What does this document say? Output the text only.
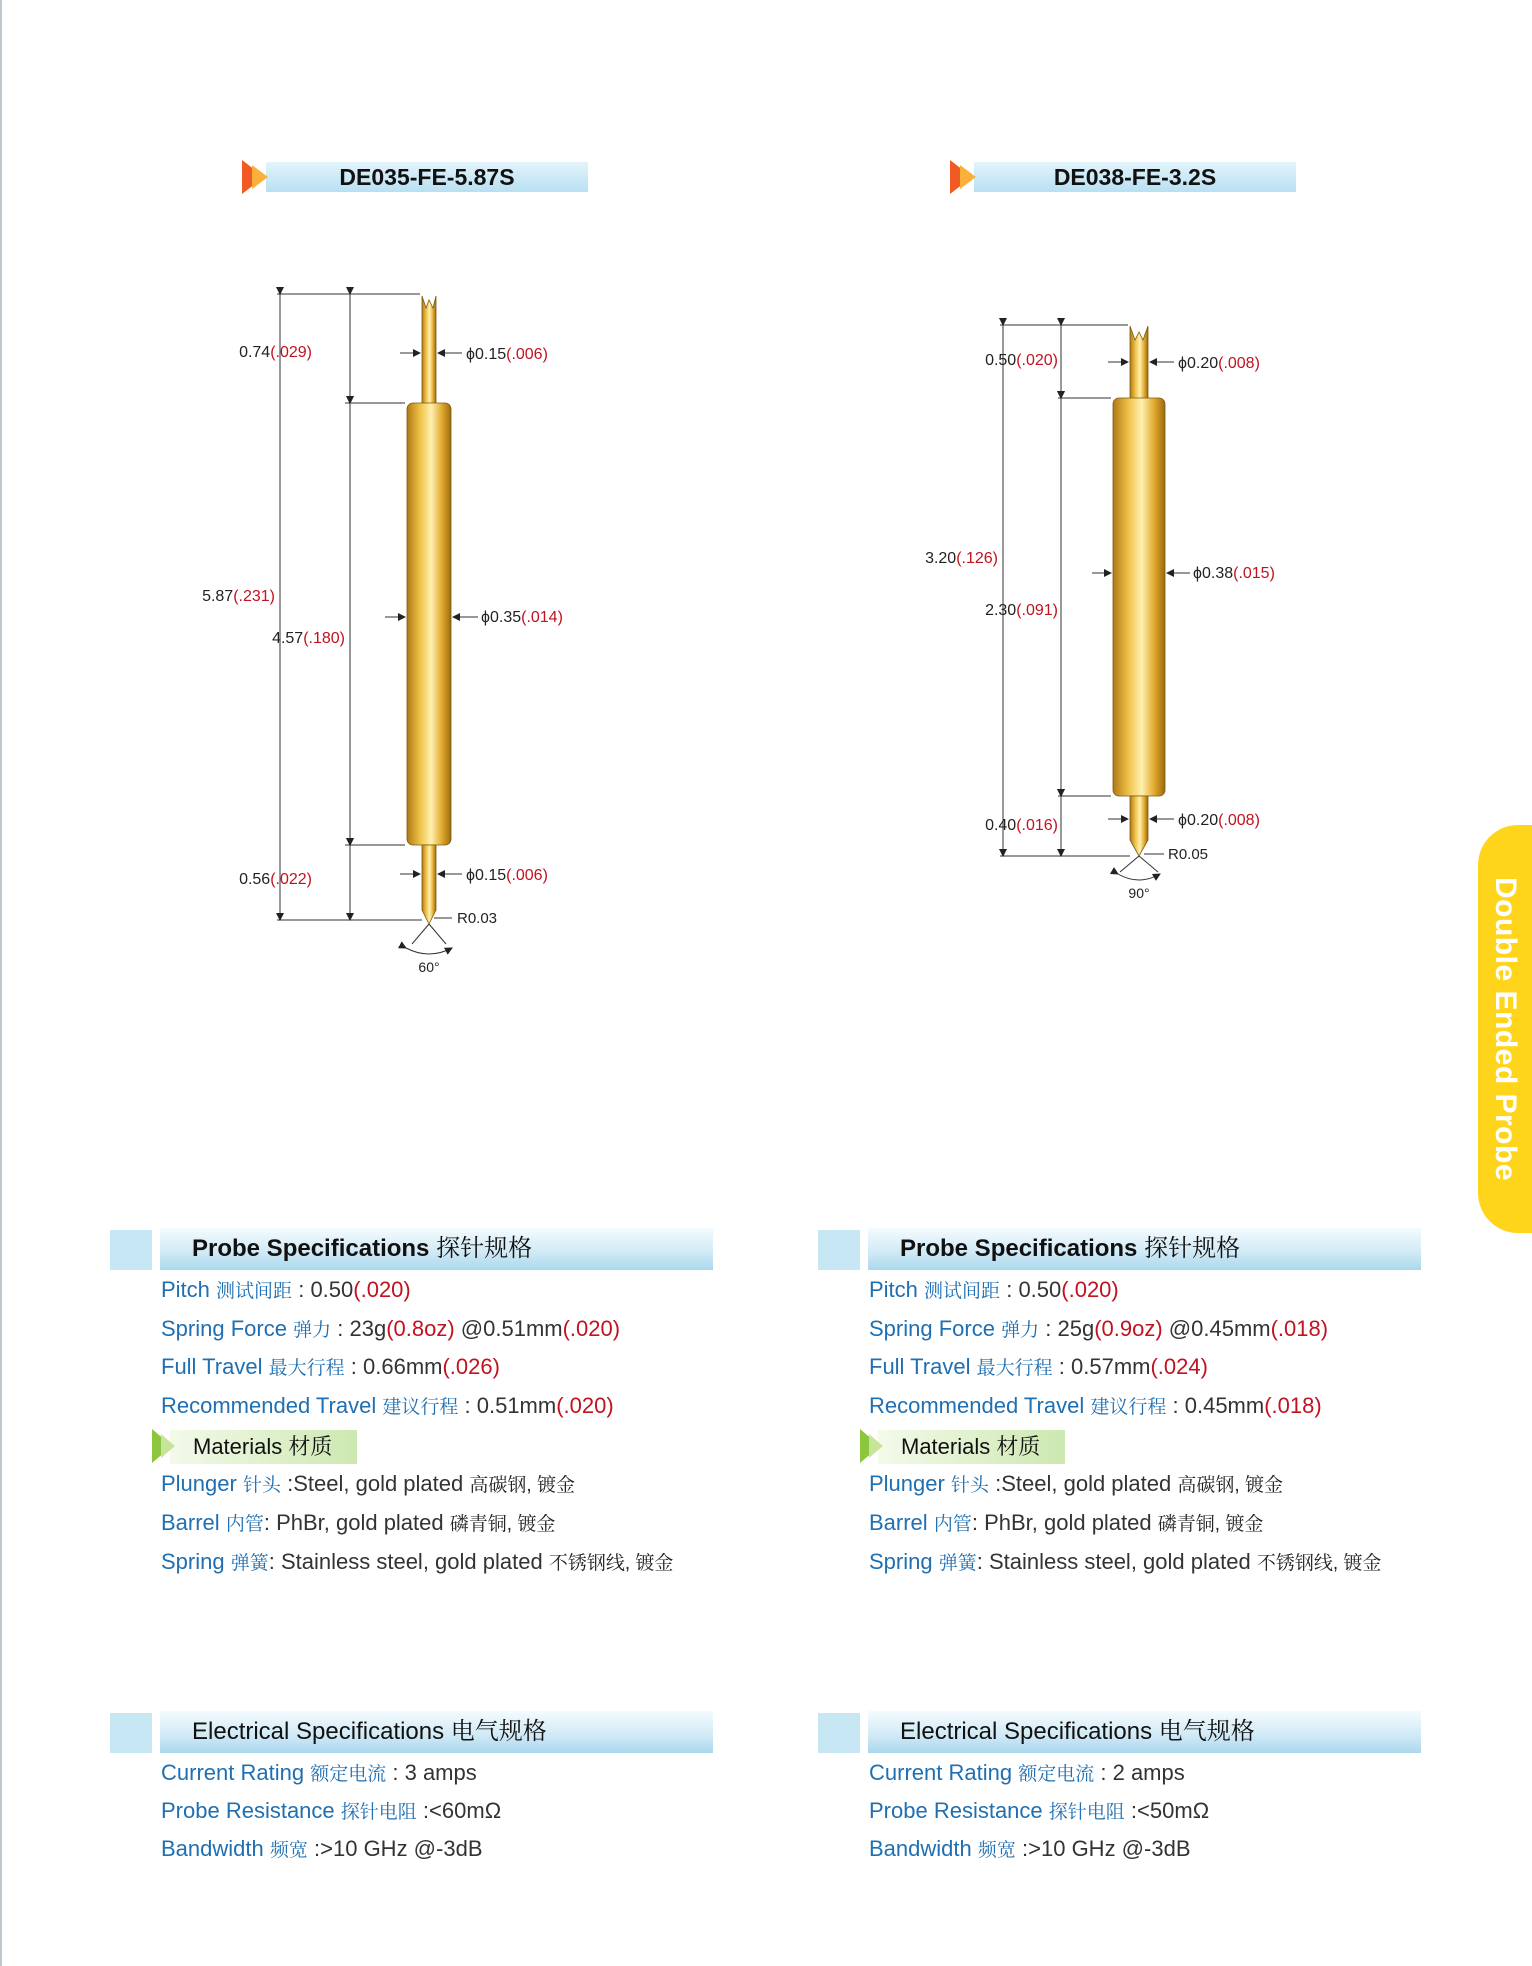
DE035-FE-5.87S
0.74(.029)	ϕ0.15(.006)
5.87(.231)
4.57(.180)
ϕ0.35(.014)
0.56(.022)	ϕ0.15(.006)
R0.03
60°
Probe Specifications 探针规格
Pitch 测试间距 : 0.50(.020)
Spring Force 弹力 : 23g(0.8oz) @0.51mm(.020)
Full Travel 最大行程 : 0.66mm(.026)
Recommended Travel 建议行程 : 0.51mm(.020)
Materials 材质
Plunger 针头 :Steel, gold plated 高碳钢, 镀金
Barrel 内管: PhBr, gold plated 磷青铜, 镀金
Spring 弹簧: Stainless steel, gold plated 不锈钢线, 镀金
Electrical Specifications 电气规格
Current Rating 额定电流 : 3 amps
Probe Resistance 探针电阻 :<60mΩ
Bandwidth 频宽 :>10 GHz @-3dB
DE038-FE-3.2S
0.50(.020)	ϕ0.20(.008)
3.20(.126)
2.30(.091)
ϕ0.38(.015)
0.40(.016)	ϕ0.20(.008)
R0.05
90°
Probe Specifications 探针规格
Pitch 测试间距 : 0.50(.020)
Spring Force 弹力 : 25g(0.9oz) @0.45mm(.018)
Full Travel 最大行程 : 0.57mm(.024)
Recommended Travel 建议行程 : 0.45mm(.018)
Materials 材质
Plunger 针头 :Steel, gold plated 高碳钢, 镀金
Barrel 内管: PhBr, gold plated 磷青铜, 镀金
Spring 弹簧: Stainless steel, gold plated 不锈钢线, 镀金
Electrical Specifications 电气规格
Current Rating 额定电流 : 2 amps
Probe Resistance 探针电阻 :<50mΩ
Bandwidth 频宽 :>10 GHz @-3dB
Double Ended Probe
